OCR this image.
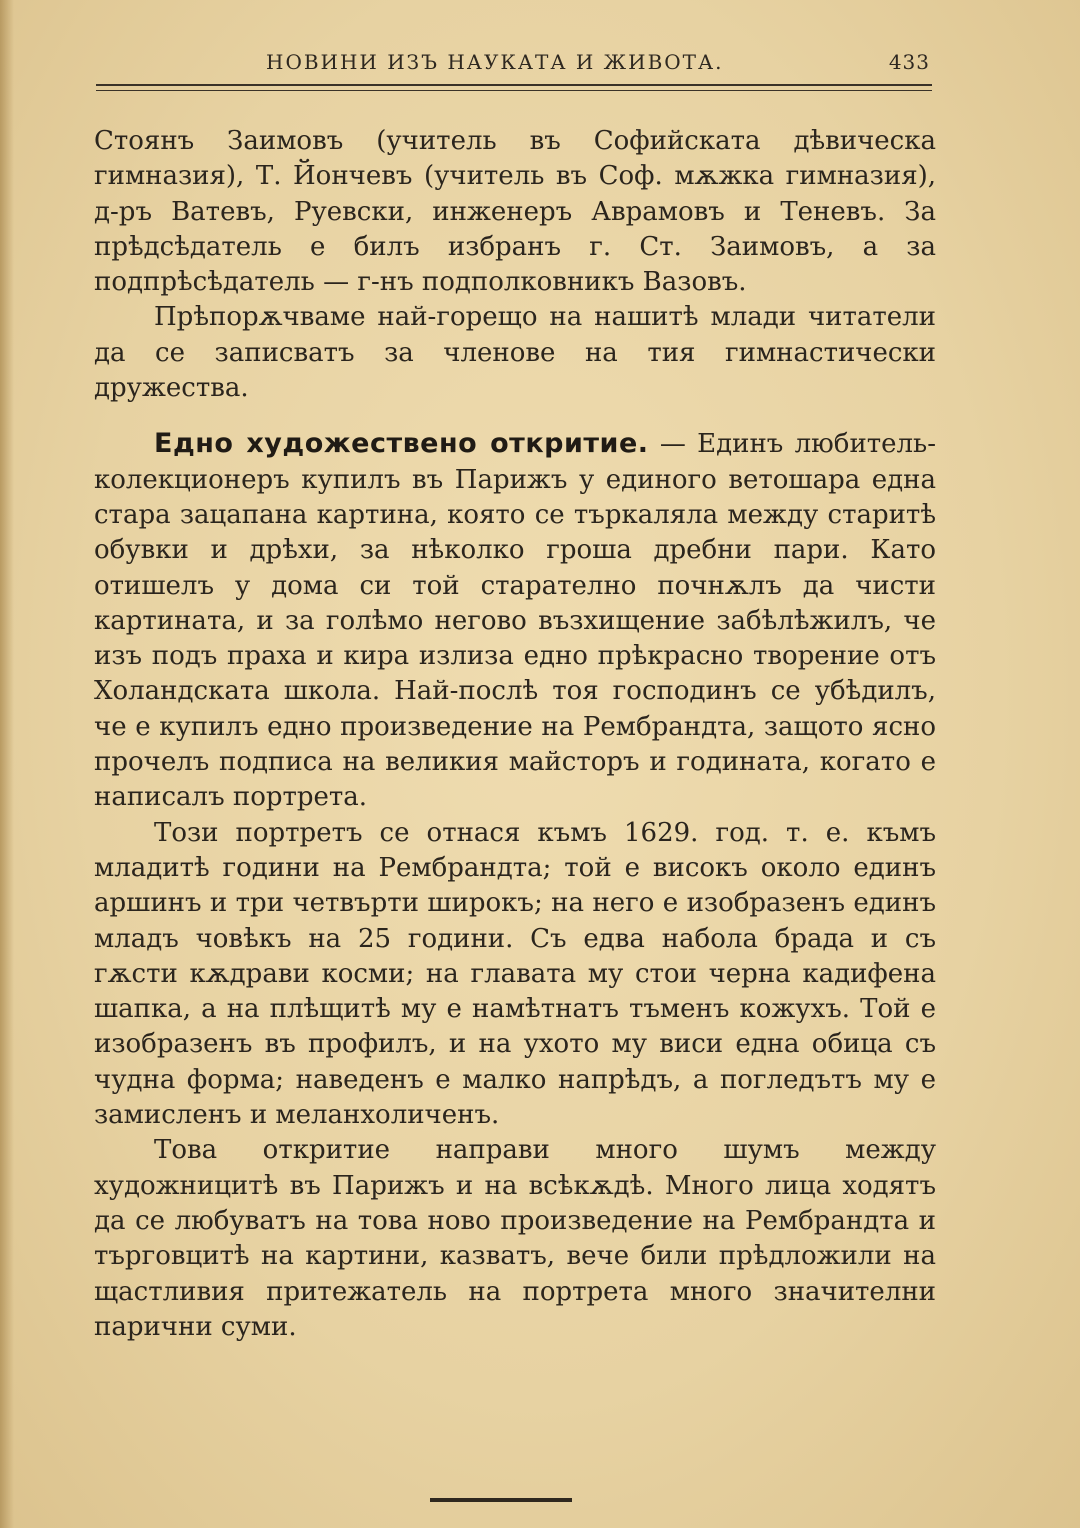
НОВИНИ ИЗЪ НАУКАТА И ЖИВОТА.	433

Стоянъ Заимовъ (учитель въ Софийската дѣвическа гимназия), Т. Йончевъ (учитель въ Соф. мѫжка гимназия), д-ръ Ватевъ, Руевски, инженеръ Аврамовъ и Теневъ. За прѣдсѣдатель е билъ избранъ г. Ст. Заимовъ, а за подпрѣсѣдатель — г-нъ подполковникъ Вазовъ.

Прѣпорѫчваме най-горещо на нашитѣ млади читатели да се записватъ за членове на тия гимнастически дружества.

Едно художествено откритие. — Единъ любитель-колекционеръ купилъ въ Парижъ у единого ветошара една стара зацапана картина, която се търкаляла между старитѣ обувки и дрѣхи, за нѣколко гроша дребни пари. Като отишелъ у дома си той старателно почнѫлъ да чисти картината, и за голѣмо негово възхищение забѣлѣжилъ, че изъ подъ праха и кира излиза едно прѣкрасно творение отъ Холандската школа. Най-послѣ тоя господинъ се убѣдилъ, че е купилъ едно произведение на Рембрандта, защото ясно прочелъ подписа на великия майсторъ и годината, когато е написалъ портрета.

Този портретъ се отнася къмъ 1629. год. т. е. къмъ младитѣ години на Рембрандта; той е високъ около единъ аршинъ и три четвърти широкъ; на него е изобразенъ единъ младъ човѣкъ на 25 години. Съ едва набола брада и съ гѫсти кѫдрави косми; на главата му стои черна кадифена шапка, а на плѣщитѣ му е намѣтнатъ тъменъ кожухъ. Той е изобразенъ въ профилъ, и на ухото му виси една обица съ чудна форма; наведенъ е малко напрѣдъ, а погледътъ му е замисленъ и меланхоличенъ.

Това откритие направи много шумъ между художницитѣ въ Парижъ и на всѣкѫдѣ. Много лица ходятъ да се любуватъ на това ново произведение на Рембрандта и търговцитѣ на картини, казватъ, вече били прѣдложили на щастливия притежатель на портрета много значителни парични суми.
